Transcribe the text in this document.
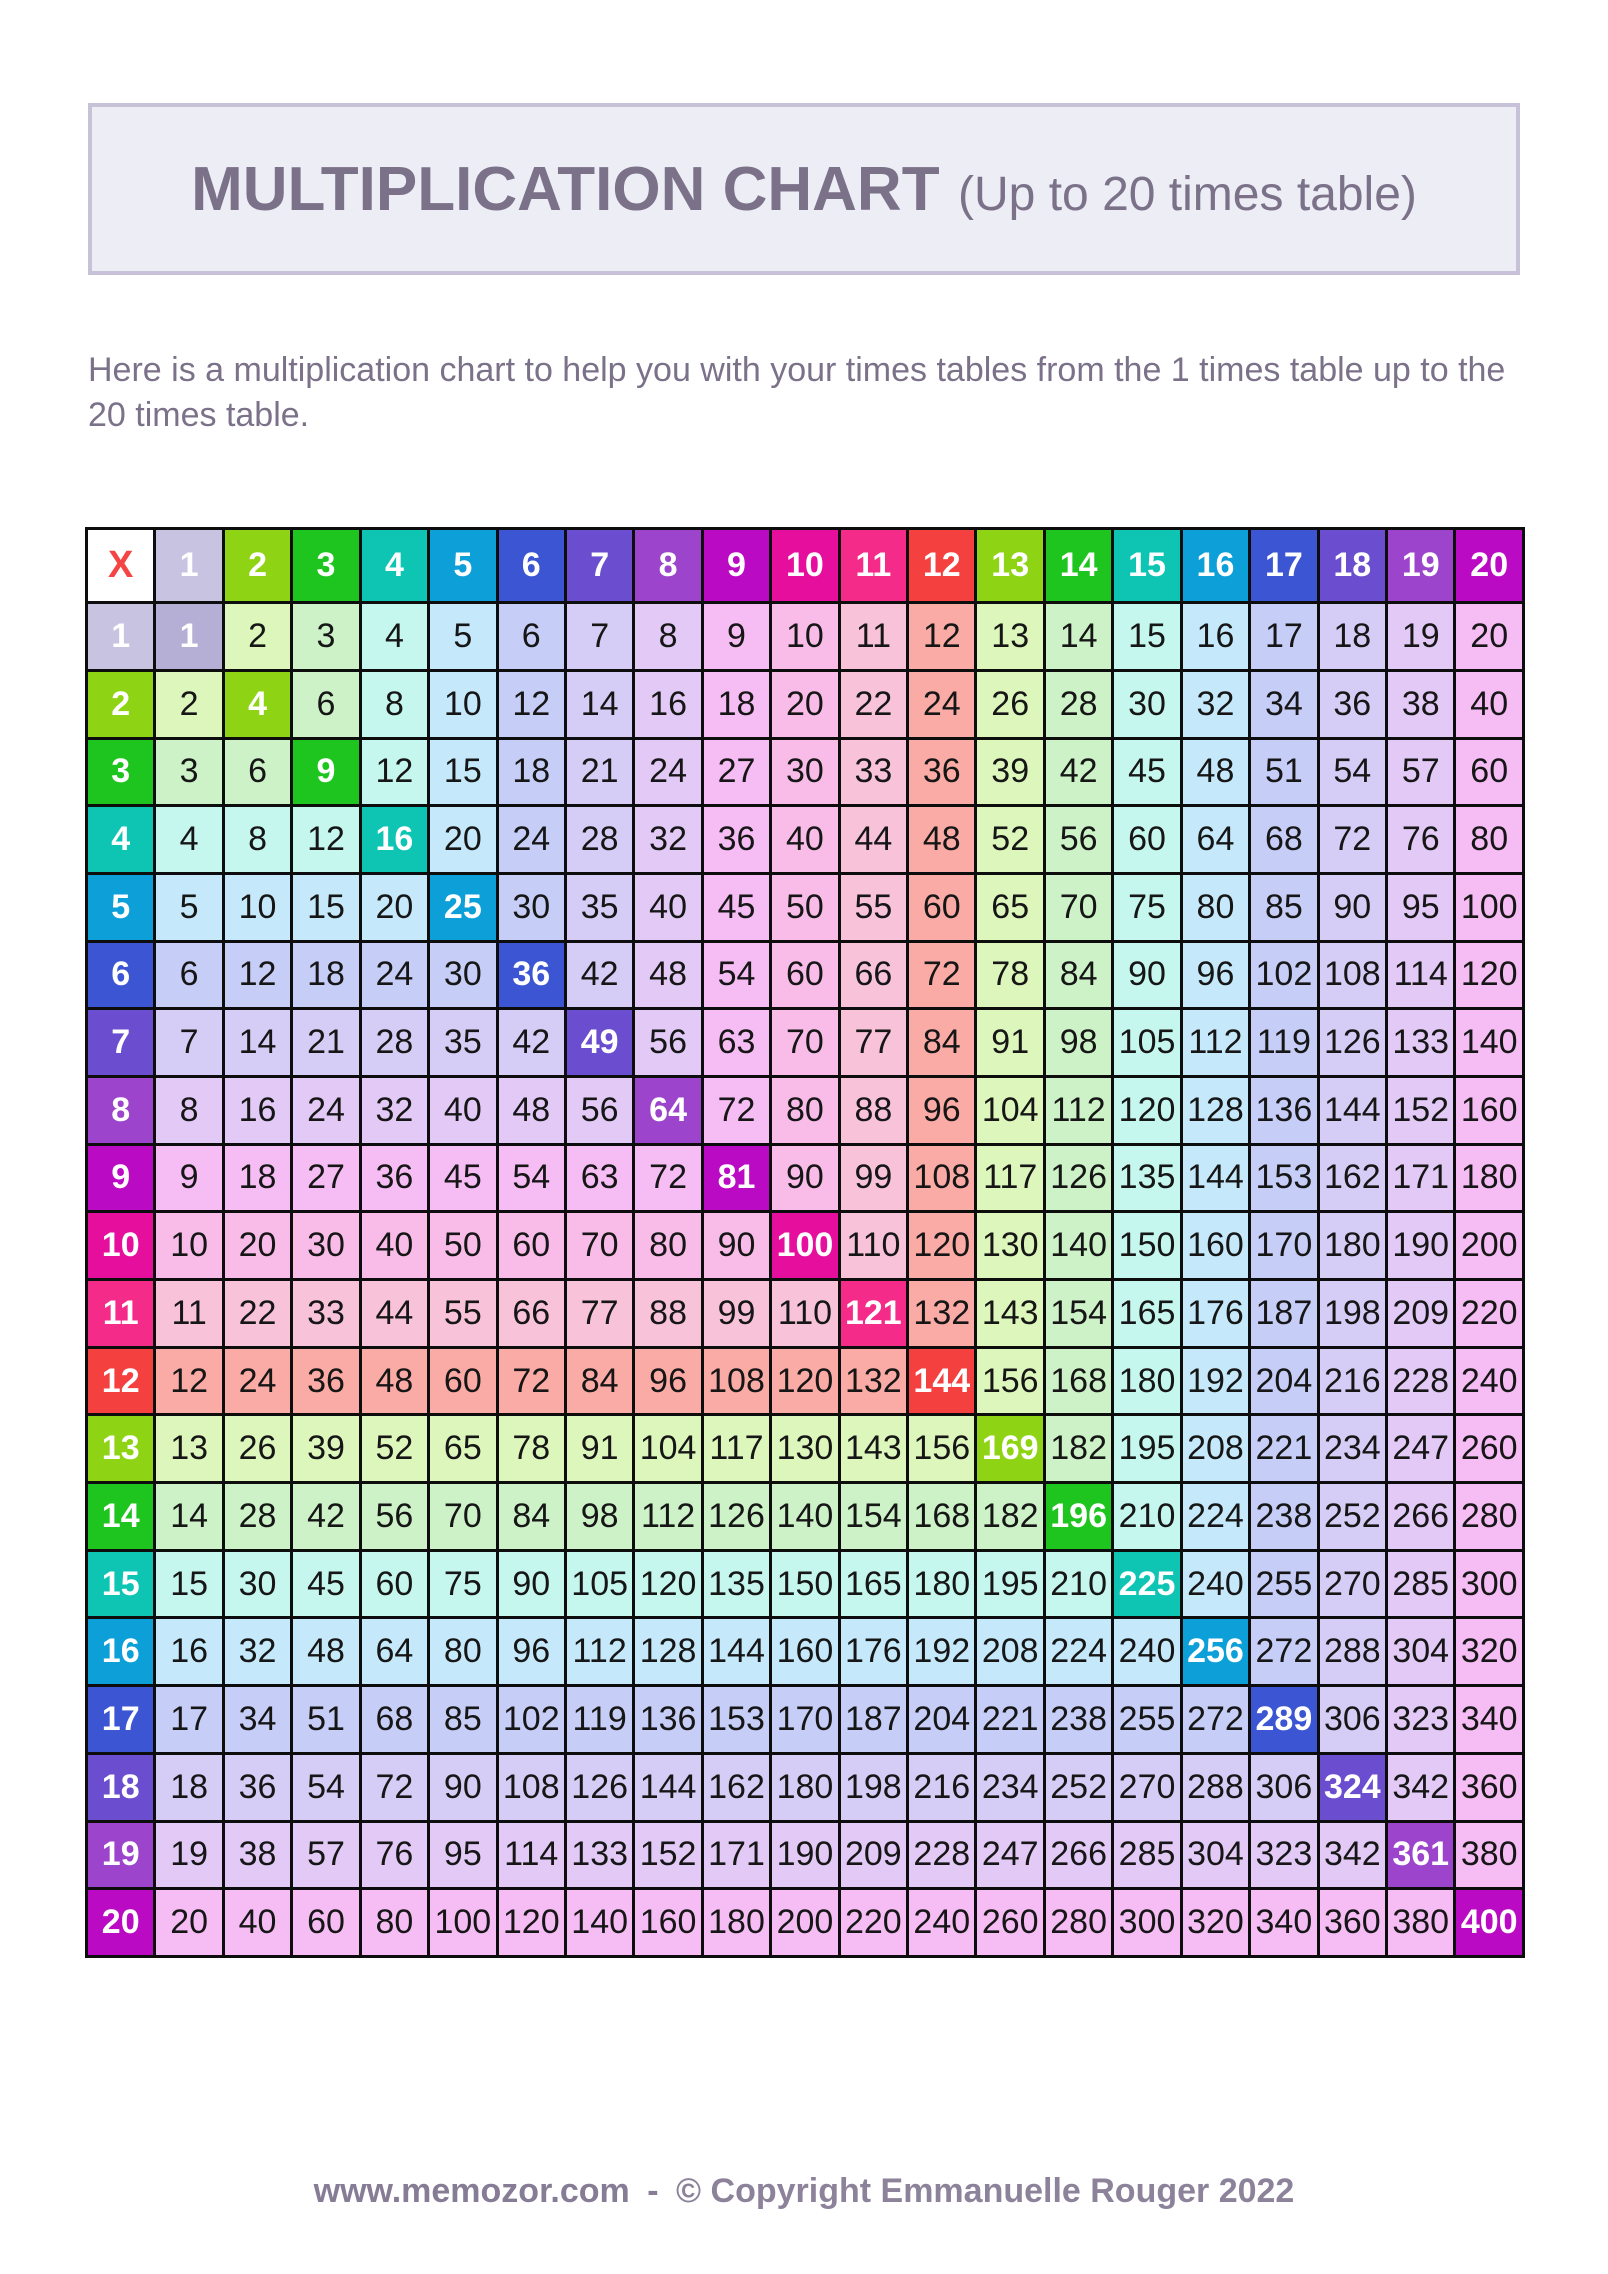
MULTIPLICATION CHART (Up to 20 times table)

Here is a multiplication chart to help you with your times tables from the 1 times table up to the 20 times table.

X	1	2	3	4	5	6	7	8	9	10	11	12	13	14	15	16	17	18	19	20
1	1	2	3	4	5	6	7	8	9	10	11	12	13	14	15	16	17	18	19	20
2	2	4	6	8	10	12	14	16	18	20	22	24	26	28	30	32	34	36	38	40
3	3	6	9	12	15	18	21	24	27	30	33	36	39	42	45	48	51	54	57	60
4	4	8	12	16	20	24	28	32	36	40	44	48	52	56	60	64	68	72	76	80
5	5	10	15	20	25	30	35	40	45	50	55	60	65	70	75	80	85	90	95	100
6	6	12	18	24	30	36	42	48	54	60	66	72	78	84	90	96	102	108	114	120
7	7	14	21	28	35	42	49	56	63	70	77	84	91	98	105	112	119	126	133	140
8	8	16	24	32	40	48	56	64	72	80	88	96	104	112	120	128	136	144	152	160
9	9	18	27	36	45	54	63	72	81	90	99	108	117	126	135	144	153	162	171	180
10	10	20	30	40	50	60	70	80	90	100	110	120	130	140	150	160	170	180	190	200
11	11	22	33	44	55	66	77	88	99	110	121	132	143	154	165	176	187	198	209	220
12	12	24	36	48	60	72	84	96	108	120	132	144	156	168	180	192	204	216	228	240
13	13	26	39	52	65	78	91	104	117	130	143	156	169	182	195	208	221	234	247	260
14	14	28	42	56	70	84	98	112	126	140	154	168	182	196	210	224	238	252	266	280
15	15	30	45	60	75	90	105	120	135	150	165	180	195	210	225	240	255	270	285	300
16	16	32	48	64	80	96	112	128	144	160	176	192	208	224	240	256	272	288	304	320
17	17	34	51	68	85	102	119	136	153	170	187	204	221	238	255	272	289	306	323	340
18	18	36	54	72	90	108	126	144	162	180	198	216	234	252	270	288	306	324	342	360
19	19	38	57	76	95	114	133	152	171	190	209	228	247	266	285	304	323	342	361	380
20	20	40	60	80	100	120	140	160	180	200	220	240	260	280	300	320	340	360	380	400

www.memozor.com - © Copyright Emmanuelle Rouger 2022
